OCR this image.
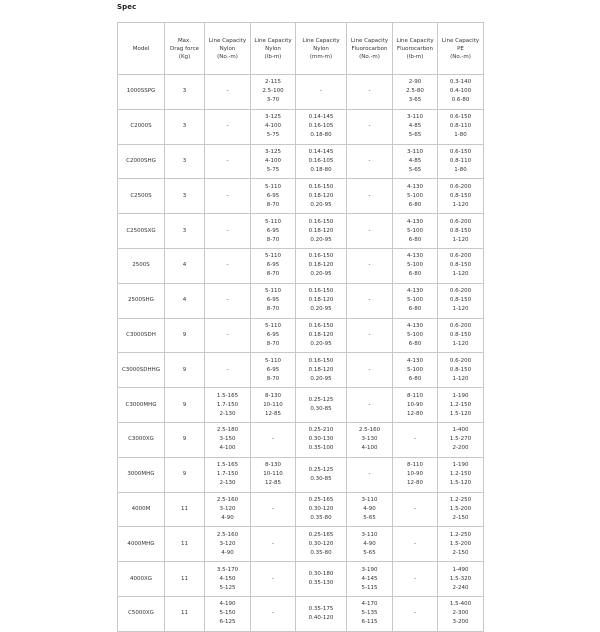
Spec
Model	Max.
Drag force
(Kg)	Line Capacity
Nylon
(No.-m)	Line Capacity
Nylon
(lb-m)	Line Capacity
Nylon
(mm-m)	Line Capacity
Fluorocarbon
(No.-m)	Line Capacity
Fluorocarbon
(lb-m)	Line Capacity
PE
(No.-m)

1000SSPG	3	-	2-115
2.5-100
3-70	-	-	2-90
2.5-80
3-65	0.3-140
0.4-100
0.6-80

C2000S	3	-	3-125
4-100
5-75	0.14-145
0.16-105
0.18-80	-	3-110
4-85
5-65	0.6-150
0.8-110
1-80

C2000SHG	3	-	3-125
4-100
5-75	0.14-145
0.16-105
0.18-80	-	3-110
4-85
5-65	0.6-150
0.8-110
1-80

C2500S	3	-	5-110
6-95
8-70	0.16-150
0.18-120
0.20-95	-	4-130
5-100
6-80	0.6-200
0.8-150
1-120

C2500SXG	3	-	5-110
6-95
8-70	0.16-150
0.18-120
0.20-95	-	4-130
5-100
6-80	0.6-200
0.8-150
1-120

2500S	4	-	5-110
6-95
8-70	0.16-150
0.18-120
0.20-95	-	4-130
5-100
6-80	0.6-200
0.8-150
1-120

2500SHG	4	-	5-110
6-95
8-70	0.16-150
0.18-120
0.20-95	-	4-130
5-100
6-80	0.6-200
0.8-150
1-120

C3000SDH	9	-	5-110
6-95
8-70	0.16-150
0.18-120
0.20-95	-	4-130
5-100
6-80	0.6-200
0.8-150
1-120

C3000SDHHG	9	-	5-110
6-95
8-70	0.16-150
0.18-120
0.20-95	-	4-130
5-100
6-80	0.6-200
0.8-150
1-120

C3000MHG	9	1.5-165
1.7-150
2-130	8-130
10-110
12-85	0.25-125
0.30-85	-	8-110
10-90
12-80	1-190
1.2-150
1.5-120

C3000XG	9	2.5-180
3-150
4-100	-	0.25-210
0.30-130
0.35-100	2.5-160
3-130
4-100	-	1-400
1.5-270
2-200

3000MHG	9	1.5-165
1.7-150
2-130	8-130
10-110
12-85	0.25-125
0.30-85	-	8-110
10-90
12-80	1-190
1.2-150
1.5-120

4000M	11	2.5-160
3-120
4-90	-	0.25-165
0.30-120
0.35-80	3-110
4-90
5-65	-	1.2-250
1.5-200
2-150

4000MHG	11	2.5-160
3-120
4-90	-	0.25-165
0.30-120
0.35-80	3-110
4-90
5-65	-	1.2-250
1.5-200
2-150

4000XG	11	3.5-170
4-150
5-125	-	0.30-180
0.35-130	3-190
4-145
5-115	-	1-490
1.5-320
2-240

C5000XG	11	4-190
5-150
6-125	-	0.35-175
0.40-120	4-170
5-135
6-115	-	1.5-400
2-300
3-200
